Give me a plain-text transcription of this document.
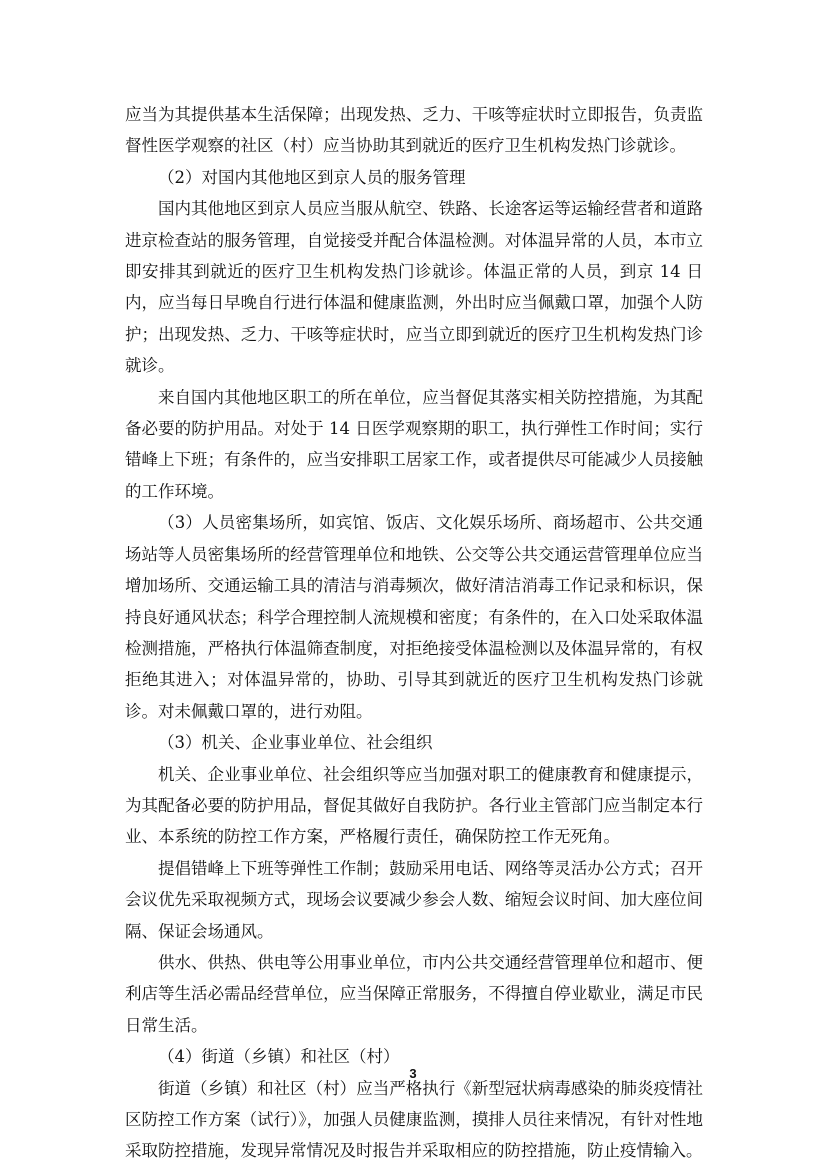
应当为其提供基本生活保障；出现发热、乏力、干咳等症状时立即报告，负责监督性医学观察的社区（村）应当协助其到就近的医疗卫生机构发热门诊就诊。

（2）对国内其他地区到京人员的服务管理

国内其他地区到京人员应当服从航空、铁路、长途客运等运输经营者和道路进京检查站的服务管理，自觉接受并配合体温检测。对体温异常的人员，本市立即安排其到就近的医疗卫生机构发热门诊就诊。体温正常的人员，到京 14 日内，应当每日早晚自行进行体温和健康监测，外出时应当佩戴口罩，加强个人防护；出现发热、乏力、干咳等症状时，应当立即到就近的医疗卫生机构发热门诊就诊。

来自国内其他地区职工的所在单位，应当督促其落实相关防控措施，为其配备必要的防护用品。对处于 14 日医学观察期的职工，执行弹性工作时间；实行错峰上下班；有条件的，应当安排职工居家工作，或者提供尽可能减少人员接触的工作环境。

（3）人员密集场所，如宾馆、饭店、文化娱乐场所、商场超市、公共交通场站等人员密集场所的经营管理单位和地铁、公交等公共交通运营管理单位应当增加场所、交通运输工具的清洁与消毒频次，做好清洁消毒工作记录和标识，保持良好通风状态；科学合理控制人流规模和密度；有条件的，在入口处采取体温检测措施，严格执行体温筛查制度，对拒绝接受体温检测以及体温异常的，有权拒绝其进入；对体温异常的，协助、引导其到就近的医疗卫生机构发热门诊就诊。对未佩戴口罩的，进行劝阻。

（3）机关、企业事业单位、社会组织

机关、企业事业单位、社会组织等应当加强对职工的健康教育和健康提示，为其配备必要的防护用品，督促其做好自我防护。各行业主管部门应当制定本行业、本系统的防控工作方案，严格履行责任，确保防控工作无死角。

提倡错峰上下班等弹性工作制；鼓励采用电话、网络等灵活办公方式；召开会议优先采取视频方式，现场会议要减少参会人数、缩短会议时间、加大座位间隔、保证会场通风。

供水、供热、供电等公用事业单位，市内公共交通经营管理单位和超市、便利店等生活必需品经营单位，应当保障正常服务，不得擅自停业歇业，满足市民日常生活。

（4）街道（乡镇）和社区（村）

街道（乡镇）和社区（村）应当严格执行《新型冠状病毒感染的肺炎疫情社区防控工作方案（试行）》，加强人员健康监测，摸排人员往来情况，有针对性地采取防控措施，发现异常情况及时报告并采取相应的防控措施，防止疫情输入。

3
